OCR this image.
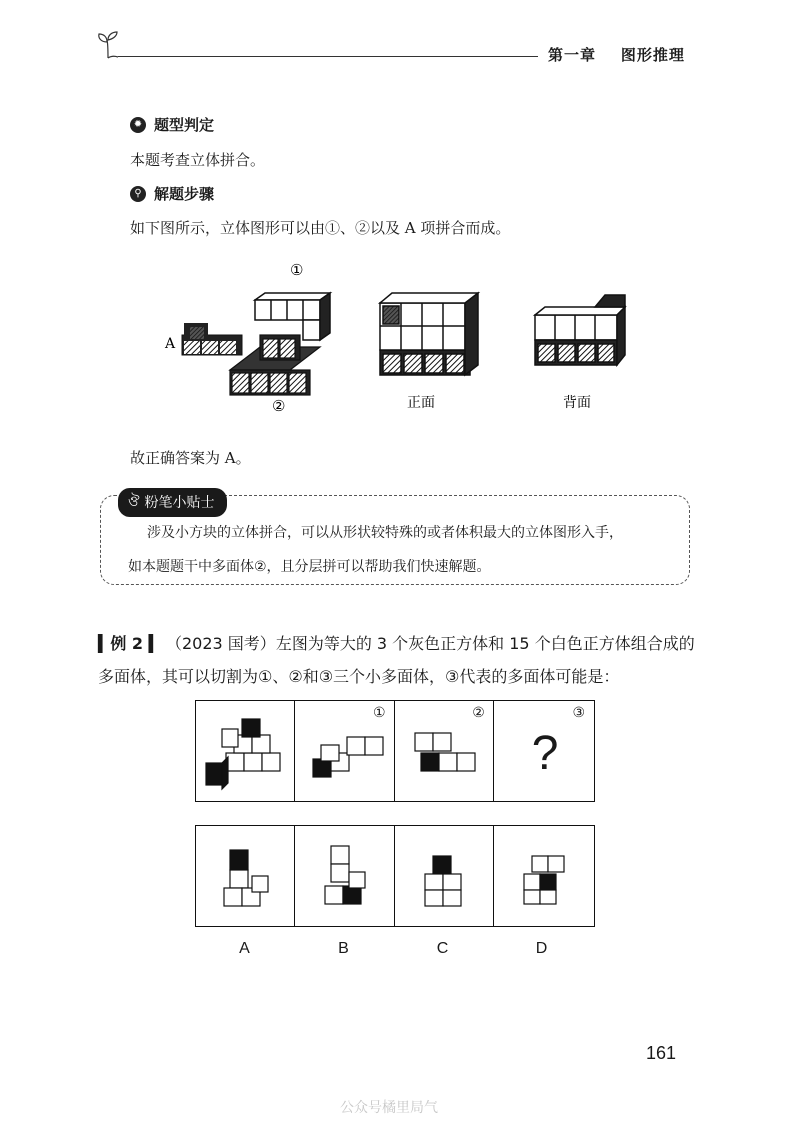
第一章 图形推理
✹ 题型判定
本题考查立体拼合。
⚲ 解题步骤
如下图所示，立体图形可以由①、②以及 A 项拼合而成。
①
A
②	正面	背面
故正确答案为 A。
ঔ 粉笔小贴士
涉及小方块的立体拼合，可以从形状较特殊的或者体积最大的立体图形入手，
如本题题干中多面体②，且分层拼可以帮助我们快速解题。
▍例 2 ▍ （2023 国考）左图为等大的 3 个灰色正方体和 15 个白色正方体组合成的多面体，其可以切割为①、②和③三个小多面体，③代表的多面体可能是：
①	②	③
?
A	B	C	D
161
公众号橘里局气
